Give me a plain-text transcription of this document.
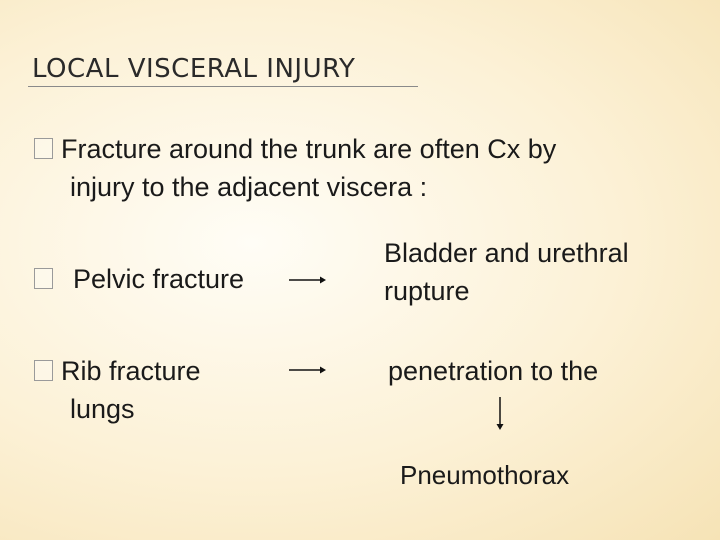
LOCAL VISCERAL INJURY
Fracture around the trunk are often Cx by
injury to the adjacent viscera :
Pelvic fracture
Bladder and urethral
rupture
Rib fracture
lungs
penetration to the
Pneumothorax
